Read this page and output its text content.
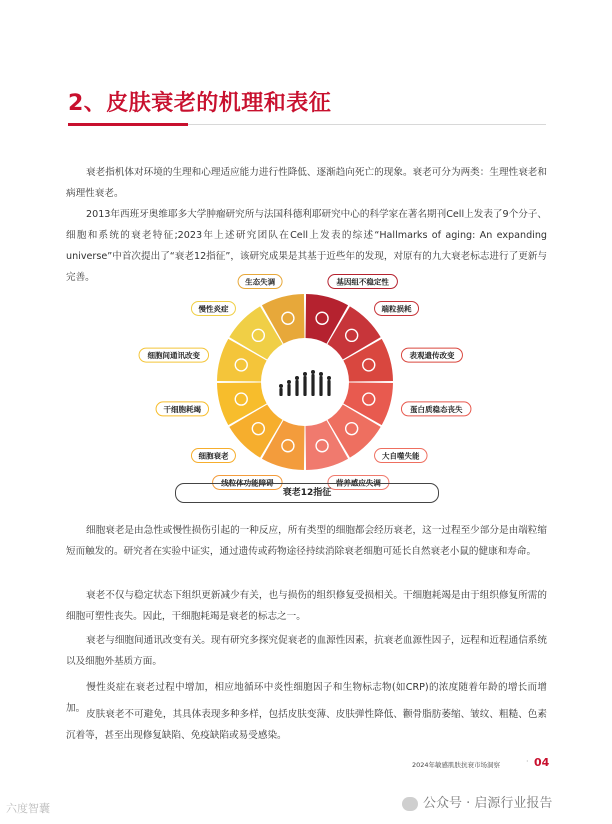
2、皮肤衰老的机理和表征
衰老指机体对环境的生理和心理适应能力进行性降低、逐渐趋向死亡的现象。衰老可分为两类：生理性衰老和病理性衰老。
2013年西班牙奥维耶多大学肿瘤研究所与法国科德利耶研究中心的科学家在著名期刊Cell上发表了9个分子、细胞和系统的衰老特征;2023年上述研究团队在Cell上发表的综述“Hallmarks of aging: An expanding universe”中首次提出了“衰老12指征”，该研究成果是其基于近些年的发现，对原有的九大衰老标志进行了更新与完善。	基因组不稳定性
端粒损耗
表观遗传改变
蛋白质稳态丧失
大自噬失能
营养感应失调
线粒体功能障碍
细胞衰老
干细胞耗竭
细胞间通讯改变
慢性炎症
生态失调
衰老12指征
细胞衰老是由急性或慢性损伤引起的一种反应，所有类型的细胞都会经历衰老，这一过程至少部分是由端粒缩短而触发的。研究者在实验中证实，通过遗传或药物途径持续消除衰老细胞可延长自然衰老小鼠的健康和寿命。
衰老不仅与稳定状态下组织更新减少有关，也与损伤的组织修复受损相关。干细胞耗竭是由于组织修复所需的细胞可塑性丧失。因此，干细胞耗竭是衰老的标志之一。
衰老与细胞间通讯改变有关。现有研究多探究促衰老的血源性因素，抗衰老血源性因子，远程和近程通信系统以及细胞外基质方面。
慢性炎症在衰老过程中增加，相应地循环中炎性细胞因子和生物标志物(如CRP)的浓度随着年龄的增长而增加。
皮肤衰老不可避免，其具体表现多种多样，包括皮肤变薄、皮肤弹性降低、颧骨脂肪萎缩、皱纹、粗糙、色素沉着等，甚至出现修复缺陷、免疫缺陷或易受感染。
2024年敏感肌肤抗衰市场洞察	· 04
六度智囊	公众号 · 启源行业报告
